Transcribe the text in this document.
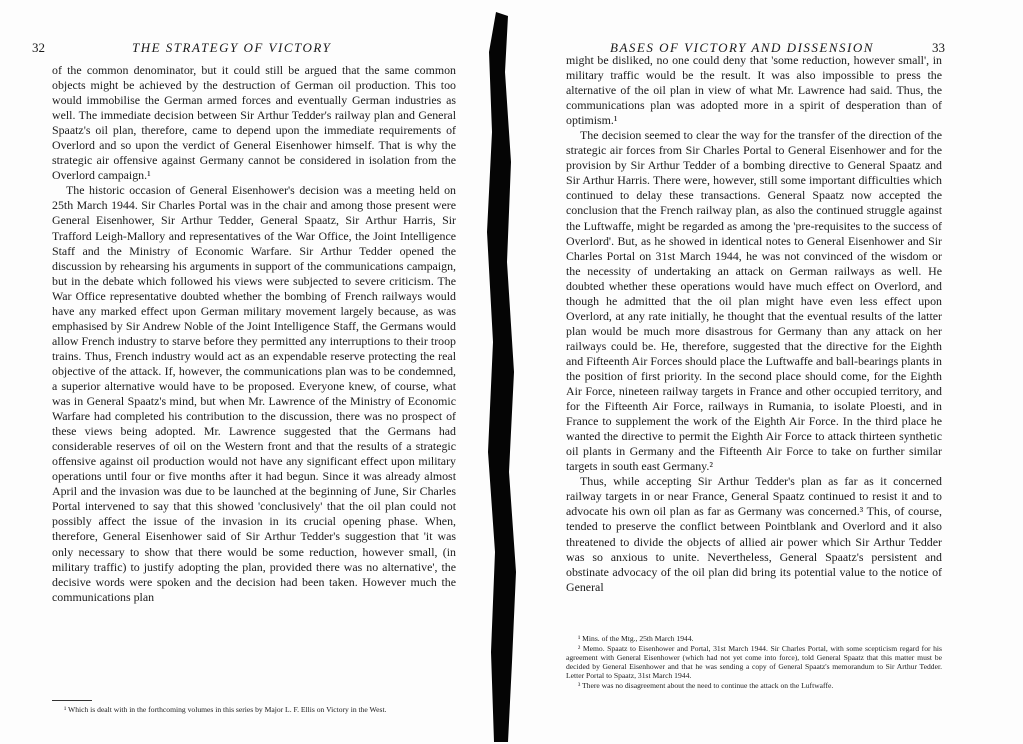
32	THE STRATEGY OF VICTORY

of the common denominator, but it could still be argued that the same common objects might be achieved by the destruction of German oil production. This too would immobilise the German armed forces and eventually German industries as well. The immediate decision between Sir Arthur Tedder's railway plan and General Spaatz's oil plan, therefore, came to depend upon the immediate requirements of Overlord and so upon the verdict of General Eisenhower himself. That is why the strategic air offensive against Germany cannot be considered in isolation from the Overlord campaign.¹

The historic occasion of General Eisenhower's decision was a meeting held on 25th March 1944. Sir Charles Portal was in the chair and among those present were General Eisenhower, Sir Arthur Tedder, General Spaatz, Sir Arthur Harris, Sir Trafford Leigh-Mallory and representatives of the War Office, the Joint Intelligence Staff and the Ministry of Economic Warfare. Sir Arthur Tedder opened the discussion by rehearsing his arguments in support of the communications campaign, but in the debate which followed his views were subjected to severe criticism. The War Office representative doubted whether the bombing of French railways would have any marked effect upon German military movement largely because, as was emphasised by Sir Andrew Noble of the Joint Intelligence Staff, the Germans would allow French industry to starve before they permitted any interruptions to their troop trains. Thus, French industry would act as an expendable reserve protecting the real objective of the attack. If, however, the communications plan was to be condemned, a superior alternative would have to be proposed. Everyone knew, of course, what was in General Spaatz's mind, but when Mr. Lawrence of the Ministry of Economic Warfare had completed his contribution to the discussion, there was no prospect of these views being adopted. Mr. Lawrence suggested that the Germans had considerable reserves of oil on the Western front and that the results of a strategic offensive against oil production would not have any significant effect upon military operations until four or five months after it had begun. Since it was already almost April and the invasion was due to be launched at the beginning of June, Sir Charles Portal intervened to say that this showed 'conclusively' that the oil plan could not possibly affect the issue of the invasion in its crucial opening phase. When, therefore, General Eisenhower said of Sir Arthur Tedder's suggestion that 'it was only necessary to show that there would be some reduction, however small, (in military traffic) to justify adopting the plan, provided there was no alternative', the decisive words were spoken and the decision had been taken. However much the communications plan

¹ Which is dealt with in the forthcoming volumes in this series by Major L. F. Ellis on Victory in the West.

BASES OF VICTORY AND DISSENSION	33

might be disliked, no one could deny that 'some reduction, however small', in military traffic would be the result. It was also impossible to press the alternative of the oil plan in view of what Mr. Lawrence had said. Thus, the communications plan was adopted more in a spirit of desperation than of optimism.¹

The decision seemed to clear the way for the transfer of the direction of the strategic air forces from Sir Charles Portal to General Eisenhower and for the provision by Sir Arthur Tedder of a bombing directive to General Spaatz and Sir Arthur Harris. There were, however, still some important difficulties which continued to delay these transactions. General Spaatz now accepted the conclusion that the French railway plan, as also the continued struggle against the Luftwaffe, might be regarded as among the 'pre-requisites to the success of Overlord'. But, as he showed in identical notes to General Eisenhower and Sir Charles Portal on 31st March 1944, he was not convinced of the wisdom or the necessity of undertaking an attack on German railways as well. He doubted whether these operations would have much effect on Overlord, and though he admitted that the oil plan might have even less effect upon Overlord, at any rate initially, he thought that the eventual results of the latter plan would be much more disastrous for Germany than any attack on her railways could be. He, therefore, suggested that the directive for the Eighth and Fifteenth Air Forces should place the Luftwaffe and ball-bearings plants in the position of first priority. In the second place should come, for the Eighth Air Force, nineteen railway targets in France and other occupied territory, and for the Fifteenth Air Force, railways in Rumania, to isolate Ploesti, and in France to supplement the work of the Eighth Air Force. In the third place he wanted the directive to permit the Eighth Air Force to attack thirteen synthetic oil plants in Germany and the Fifteenth Air Force to take on further similar targets in south east Germany.²

Thus, while accepting Sir Arthur Tedder's plan as far as it concerned railway targets in or near France, General Spaatz continued to resist it and to advocate his own oil plan as far as Germany was concerned.³ This, of course, tended to preserve the conflict between Pointblank and Overlord and it also threatened to divide the objects of allied air power which Sir Arthur Tedder was so anxious to unite. Nevertheless, General Spaatz's persistent and obstinate advocacy of the oil plan did bring its potential value to the notice of General

¹ Mins. of the Mtg., 25th March 1944.

² Memo. Spaatz to Eisenhower and Portal, 31st March 1944. Sir Charles Portal, with some scepticism regard for his agreement with General Eisenhower (which had not yet come into force), told General Spaatz that this matter must be decided by General Eisenhower and that he was sending a copy of General Spaatz's memorandum to Sir Arthur Tedder. Letter Portal to Spaatz, 31st March 1944.

³ There was no disagreement about the need to continue the attack on the Luftwaffe.
